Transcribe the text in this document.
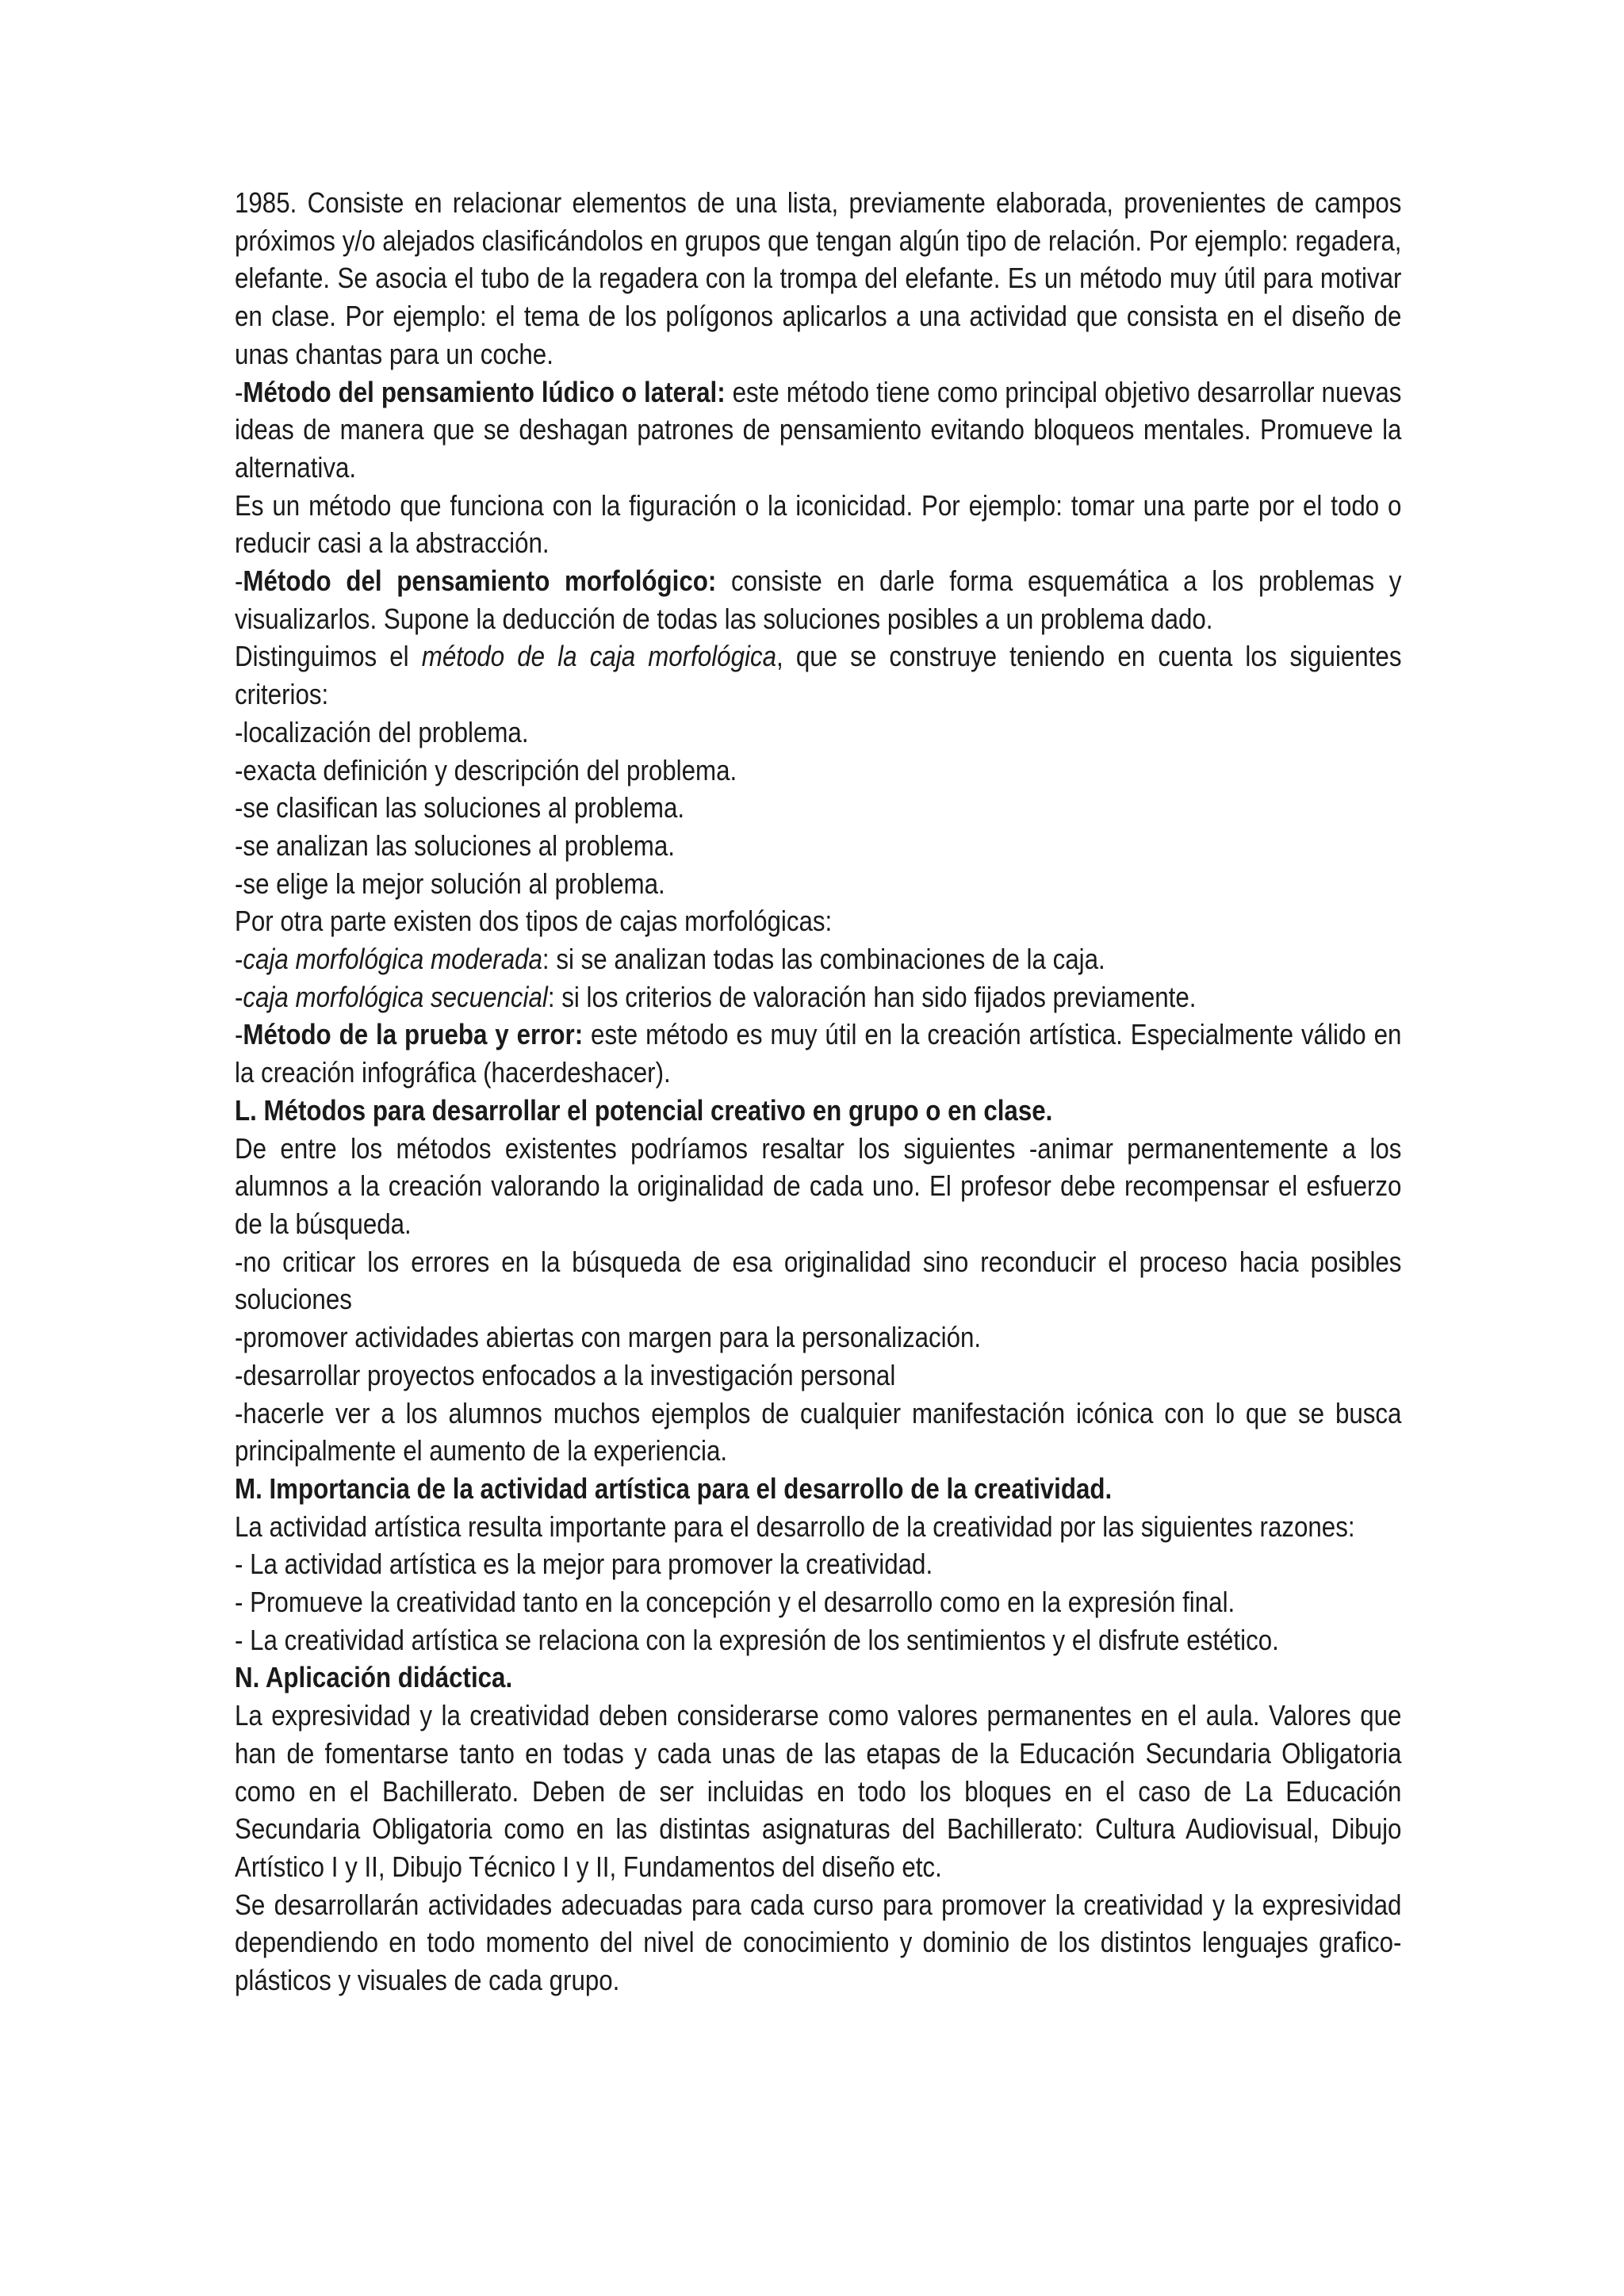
1985. Consiste en relacionar elementos de una lista, previamente elaborada, provenientes de campos próximos y/o alejados clasificándolos en grupos que tengan algún tipo de relación. Por ejemplo: regadera, elefante. Se asocia el tubo de la regadera con la trompa del elefante. Es un método muy útil para motivar en clase. Por ejemplo: el tema de los polígonos aplicarlos a una actividad que consista en el diseño de unas chantas para un coche.

-Método del pensamiento lúdico o lateral: este método tiene como principal objetivo desarrollar nuevas ideas de manera que se deshagan patrones de pensamiento evitando bloqueos mentales. Promueve la alternativa.

Es un método que funciona con la figuración o la iconicidad. Por ejemplo: tomar una parte por el todo o reducir casi a la abstracción.

-Método del pensamiento morfológico: consiste en darle forma esquemática a los problemas y visualizarlos. Supone la deducción de todas las soluciones posibles a un problema dado.

Distinguimos el método de la caja morfológica, que se construye teniendo en cuenta los siguientes criterios:

-localización del problema.

-exacta definición y descripción del problema.

-se clasifican las soluciones al problema.

-se analizan las soluciones al problema.

-se elige la mejor solución al problema.

Por otra parte existen dos tipos de cajas morfológicas:

-caja morfológica moderada: si se analizan todas las combinaciones de la caja.

-caja morfológica secuencial: si los criterios de valoración han sido fijados previamente.

-Método de la prueba y error: este método es muy útil en la creación artística. Especialmente válido en la creación infográfica (hacerdeshacer).

L. Métodos para desarrollar el potencial creativo en grupo o en clase.

De entre los métodos existentes podríamos resaltar los siguientes -animar permanentemente a los alumnos a la creación valorando la originalidad de cada uno. El profesor debe recompensar el esfuerzo de la búsqueda.

-no criticar los errores en la búsqueda de esa originalidad sino reconducir el proceso hacia posibles soluciones

-promover actividades abiertas con margen para la personalización.

-desarrollar proyectos enfocados a la investigación personal

-hacerle ver a los alumnos muchos ejemplos de cualquier manifestación icónica con lo que se busca principalmente el aumento de la experiencia.

M. Importancia de la actividad artística para el desarrollo de la creatividad.

La actividad artística resulta importante para el desarrollo de la creatividad por las siguientes razones:

- La actividad artística es la mejor para promover la creatividad.

- Promueve la creatividad tanto en la concepción y el desarrollo como en la expresión final.

- La creatividad artística se relaciona con la expresión de los sentimientos y el disfrute estético.

N. Aplicación didáctica.

La expresividad y la creatividad deben considerarse como valores permanentes en el aula. Valores que han de fomentarse tanto en todas y cada unas de las etapas de la Educación Secundaria Obligatoria como en el Bachillerato. Deben de ser incluidas en todo los bloques en el caso de La Educación Secundaria Obligatoria como en las distintas asignaturas del Bachillerato: Cultura Audiovisual, Dibujo Artístico I y II, Dibujo Técnico I y II, Fundamentos del diseño etc.

Se desarrollarán actividades adecuadas para cada curso para promover la creatividad y la expresividad dependiendo en todo momento del nivel de conocimiento y dominio de los distintos lenguajes grafico-plásticos y visuales de cada grupo.
